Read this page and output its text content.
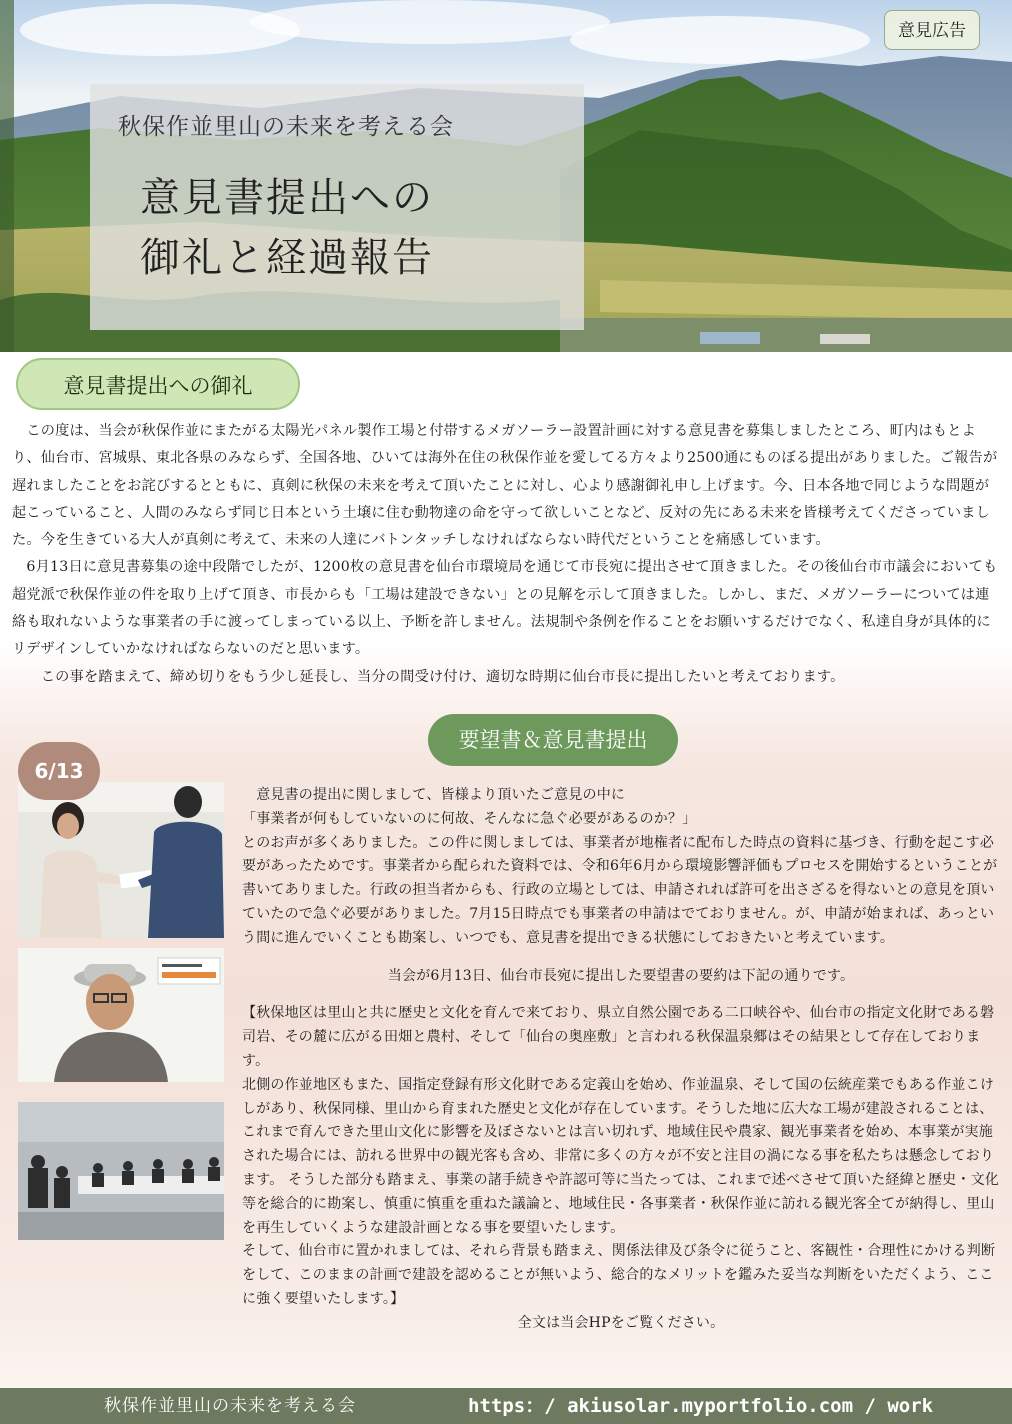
意見広告
秋保作並里山の未来を考える会
意見書提出への
御礼と経過報告
意見書提出への御礼

　この度は、当会が秋保作並にまたがる太陽光パネル製作工場と付帯するメガソーラー設置計画に対する意見書を募集しましたところ、町内はもとより、仙台市、宮城県、東北各県のみならず、全国各地、ひいては海外在住の秋保作並を愛してる方々より2500通にものぼる提出がありました。ご報告が遅れましたことをお詫びするとともに、真剣に秋保の未来を考えて頂いたことに対し、心より感謝御礼申し上げます。今、日本各地で同じような問題が起こっていること、人間のみならず同じ日本という土壌に住む動物達の命を守って欲しいことなど、反対の先にある未来を皆様考えてくださっていました。今を生きている大人が真剣に考えて、未来の人達にバトンタッチしなければならない時代だということを痛感しています。

　6月13日に意見書募集の途中段階でしたが、1200枚の意見書を仙台市環境局を通じて市長宛に提出させて頂きました。その後仙台市市議会においても超党派で秋保作並の件を取り上げて頂き、市長からも「工場は建設できない」との見解を示して頂きました。しかし、まだ、メガソーラーについては連絡も取れないような事業者の手に渡ってしまっている以上、予断を許しません。法規制や条例を作ることをお願いするだけでなく、私達自身が具体的にリデザインしていかなければならないのだと思います。

　　この事を踏まえて、締め切りをもう少し延長し、当分の間受け付け、適切な時期に仙台市長に提出したいと考えております。

要望書＆意見書提出
6/13

　意見書の提出に関しまして、皆様より頂いたご意見の中に

「事業者が何もしていないのに何故、そんなに急ぐ必要があるのか？」

とのお声が多くありました。この件に関しましては、事業者が地権者に配布した時点の資料に基づき、行動を起こす必要があったためです。事業者から配られた資料では、令和6年6月から環境影響評価もプロセスを開始するということが書いてありました。行政の担当者からも、行政の立場としては、申請されれば許可を出さざるを得ないとの意見を頂いていたので急ぐ必要がありました。7月15日時点でも事業者の申請はでておりません。が、申請が始まれば、あっという間に進んでいくことも勘案し、いつでも、意見書を提出できる状態にしておきたいと考えています。

当会が6月13日、仙台市長宛に提出した要望書の要約は下記の通りです。

【秋保地区は里山と共に歴史と文化を育んで来ており、県立自然公園である二口峡谷や、仙台市の指定文化財である磐司岩、その麓に広がる田畑と農村、そして「仙台の奥座敷」と言われる秋保温泉郷はその結果として存在しております。

北側の作並地区もまた、国指定登録有形文化財である定義山を始め、作並温泉、そして国の伝統産業でもある作並こけしがあり、秋保同様、里山から育まれた歴史と文化が存在しています。そうした地に広大な工場が建設されることは、これまで育んできた里山文化に影響を及ぼさないとは言い切れず、地域住民や農家、観光事業者を始め、本事業が実施された場合には、訪れる世界中の観光客も含め、非常に多くの方々が不安と注目の渦になる事を私たちは懸念しております。 そうした部分も踏まえ、事業の諸手続きや許認可等に当たっては、これまで述べさせて頂いた経緯と歴史・文化等を総合的に勘案し、慎重に慎重を重ねた議論と、地域住民・各事業者・秋保作並に訪れる観光客全てが納得し、里山を再生していくような建設計画となる事を要望いたします。

そして、仙台市に置かれましては、それら背景も踏まえ、関係法律及び条令に従うこと、客観性・合理性にかける判断をして、このままの計画で建設を認めることが無いよう、総合的なメリットを鑑みた妥当な判断をいただくよう、ここに強く要望いたします。】

全文は当会HPをご覧ください。

秋保作並里山の未来を考える会	https：/ akiusolar.myportfolio.com / work
